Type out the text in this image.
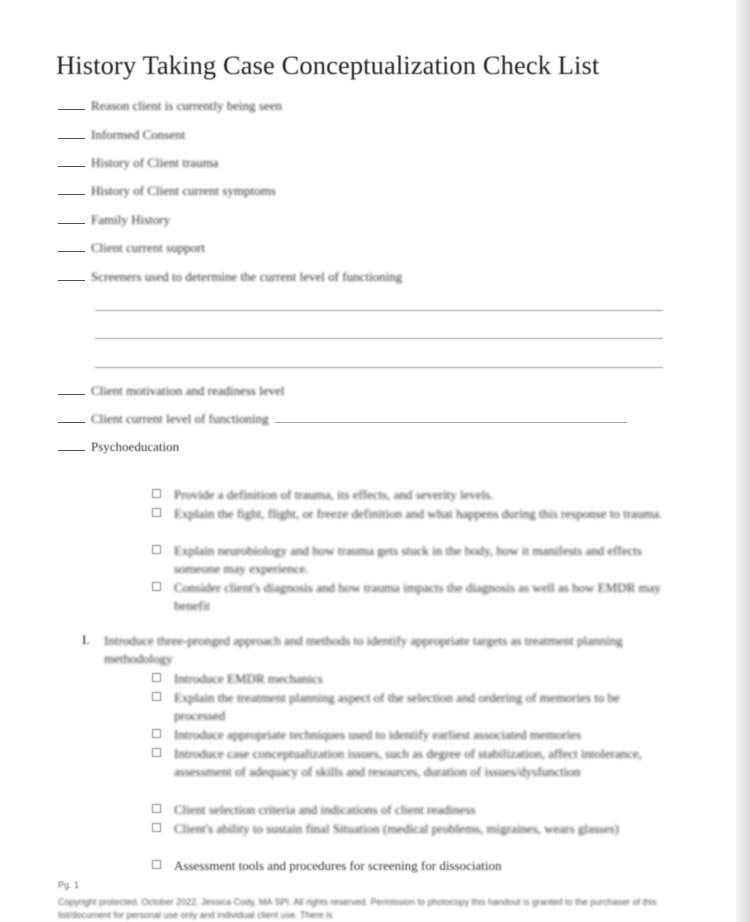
History Taking Case Conceptualization Check List
Reason client is currently being seen
Informed Consent
History of Client trauma
History of Client current symptoms
Family History
Client current support
Screeners used to determine the current level of functioning
Client motivation and readiness level
Client current level of functioning
Psychoeducation
Provide a definition of trauma, its effects, and severity levels.
Explain the fight, flight, or freeze definition and what happens during this response to trauma.
Explain neurobiology and how trauma gets stuck in the body, how it manifests and effects someone may experience.
Consider client's diagnosis and how trauma impacts the diagnosis as well as how EMDR may benefit
I. Introduce three-pronged approach and methods to identify appropriate targets as treatment planning methodology
Introduce EMDR mechanics
Explain the treatment planning aspect of the selection and ordering of memories to be processed
Introduce appropriate techniques used to identify earliest associated memories
Introduce case conceptualization issues, such as degree of stabilization, affect intolerance, assessment of adequacy of skills and resources, duration of issues/dysfunction
Client selection criteria and indications of client readiness
Client's ability to sustain final Situation (medical problems, migraines, wears glasses)
Assessment tools and procedures for screening for dissociation
Pg. 1
Copyright protected. October 2022, Jessica Cody, MA SPI. All rights reserved. Permission to photocopy this handout is granted to the purchaser of this list/document for personal use only and individual client use. There is
